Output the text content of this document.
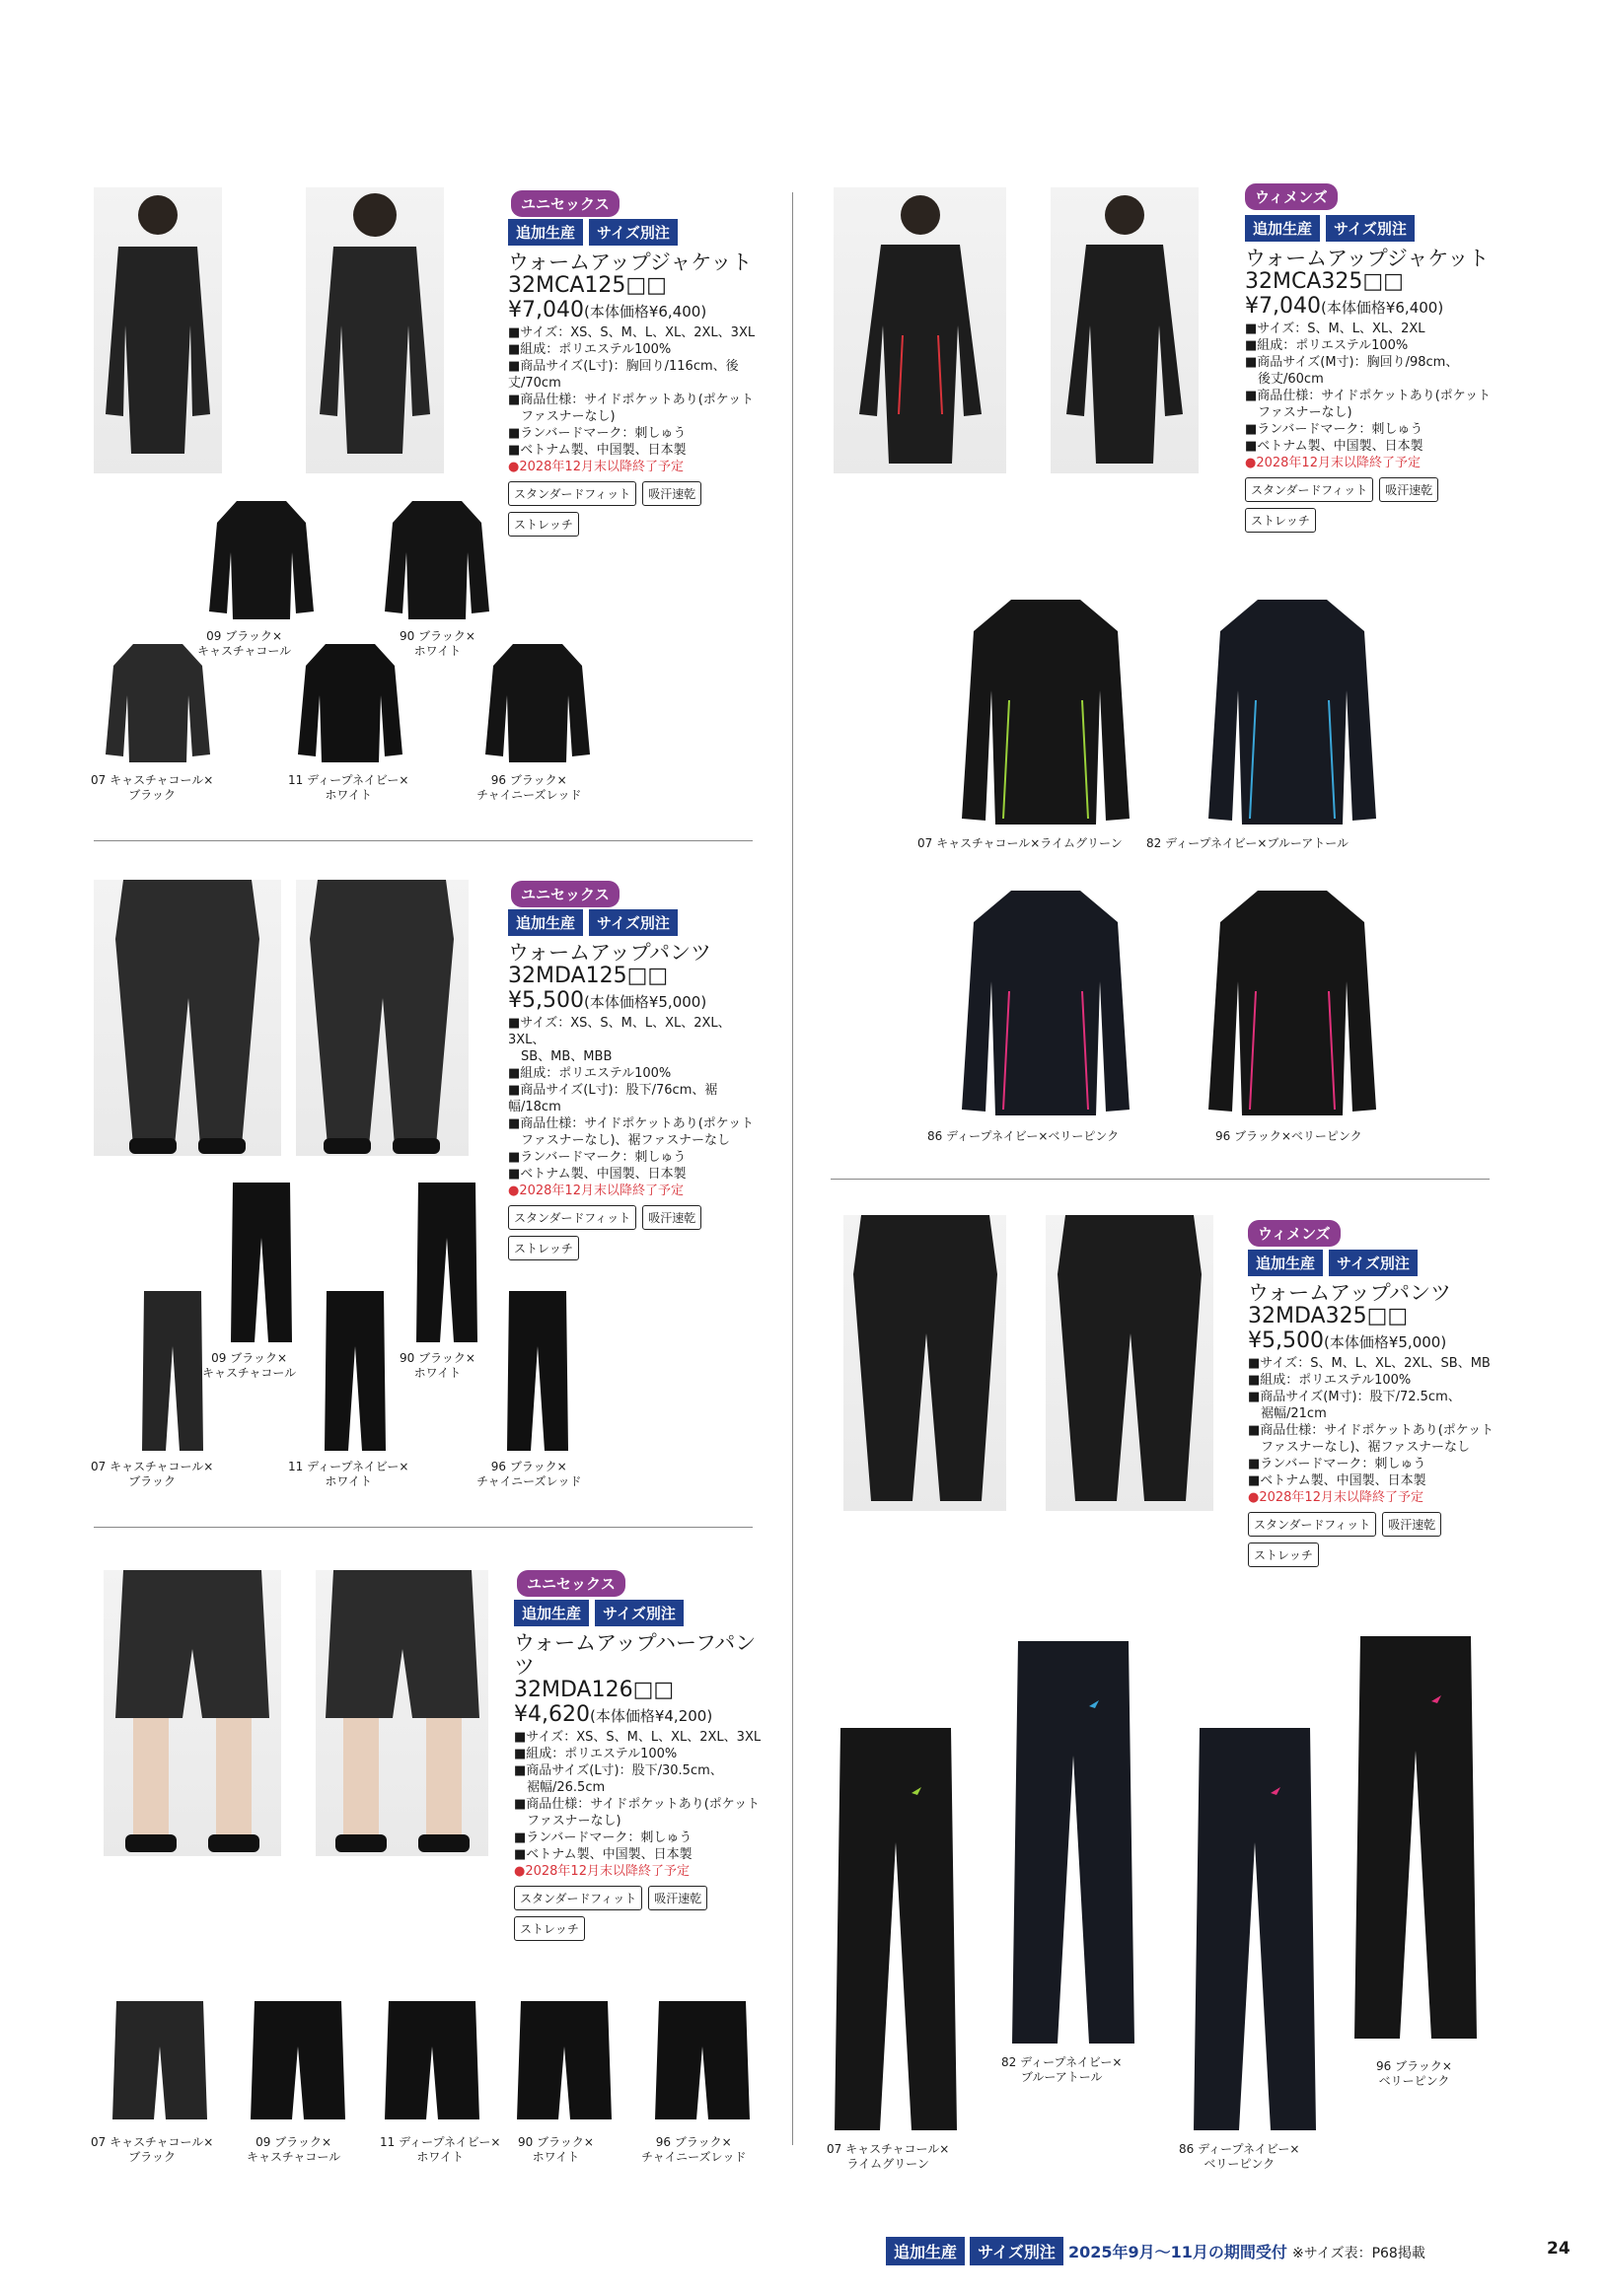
ユニセックス
追加生産 サイズ別注
ウォームアップジャケット
32MCA125□□
¥7,040(本体価格¥6,400)
■サイズ：XS、S、M、L、XL、2XL、3XL
■組成：ポリエステル100%
■商品サイズ(L寸)：胸回り/116cm、後丈/70cm
■商品仕様：サイドポケットあり(ポケット
　ファスナーなし)
■ランバードマーク：刺しゅう
■ベトナム製、中国製、日本製
●2028年12月末以降終了予定
スタンダードフィット 吸汗速乾
ストレッチ
09 ブラック×
キャスチャコール
90 ブラック×
ホワイト
07 キャスチャコール×
ブラック
11 ディープネイビー×
ホワイト
96 ブラック×
チャイニーズレッド
ウィメンズ
追加生産 サイズ別注
ウォームアップジャケット
32MCA325□□
¥7,040(本体価格¥6,400)
■サイズ：S、M、L、XL、2XL
■組成：ポリエステル100%
■商品サイズ(M寸)：胸回り/98cm、
　後丈/60cm
■商品仕様：サイドポケットあり(ポケット
　ファスナーなし)
■ランバードマーク：刺しゅう
■ベトナム製、中国製、日本製
●2028年12月末以降終了予定
スタンダードフィット 吸汗速乾
ストレッチ
07 キャスチャコール×ライムグリーン 82 ディープネイビー×ブルーアトール
86 ディープネイビー×ベリーピンク	96 ブラック×ベリーピンク
ユニセックス
追加生産 サイズ別注
ウォームアップパンツ
32MDA125□□
¥5,500(本体価格¥5,000)
■サイズ：XS、S、M、L、XL、2XL、3XL、
　SB、MB、MBB
■組成：ポリエステル100%
■商品サイズ(L寸)：股下/76cm、裾幅/18cm
■商品仕様：サイドポケットあり(ポケット
　ファスナーなし)、裾ファスナーなし
■ランバードマーク：刺しゅう
■ベトナム製、中国製、日本製
●2028年12月末以降終了予定
スタンダードフィット 吸汗速乾
ストレッチ
09 ブラック×
キャスチャコール
90 ブラック×
ホワイト
07 キャスチャコール×
ブラック
11 ディープネイビー×
ホワイト
96 ブラック×
チャイニーズレッド
ウィメンズ
追加生産 サイズ別注
ウォームアップパンツ
32MDA325□□
¥5,500(本体価格¥5,000)
■サイズ：S、M、L、XL、2XL、SB、MB
■組成：ポリエステル100%
■商品サイズ(M寸)：股下/72.5cm、
　裾幅/21cm
■商品仕様：サイドポケットあり(ポケット
　ファスナーなし)、裾ファスナーなし
■ランバードマーク：刺しゅう
■ベトナム製、中国製、日本製
●2028年12月末以降終了予定
スタンダードフィット 吸汗速乾
ストレッチ
07 キャスチャコール×
ライムグリーン
82 ディープネイビー×
ブルーアトール
86 ディープネイビー×
ベリーピンク
96 ブラック×
ベリーピンク
ユニセックス
追加生産 サイズ別注
ウォームアップハーフパンツ
32MDA126□□
¥4,620(本体価格¥4,200)
■サイズ：XS、S、M、L、XL、2XL、3XL
■組成：ポリエステル100%
■商品サイズ(L寸)：股下/30.5cm、
　裾幅/26.5cm
■商品仕様：サイドポケットあり(ポケット
　ファスナーなし)
■ランバードマーク：刺しゅう
■ベトナム製、中国製、日本製
●2028年12月末以降終了予定
スタンダードフィット 吸汗速乾
ストレッチ
07 キャスチャコール×
ブラック
09 ブラック×
キャスチャコール
11 ディープネイビー×
ホワイト
90 ブラック×
ホワイト
96 ブラック×
チャイニーズレッド
追加生産 サイズ別注 2025年9月～11月の期間受付 ※サイズ表：P68掲載	24
